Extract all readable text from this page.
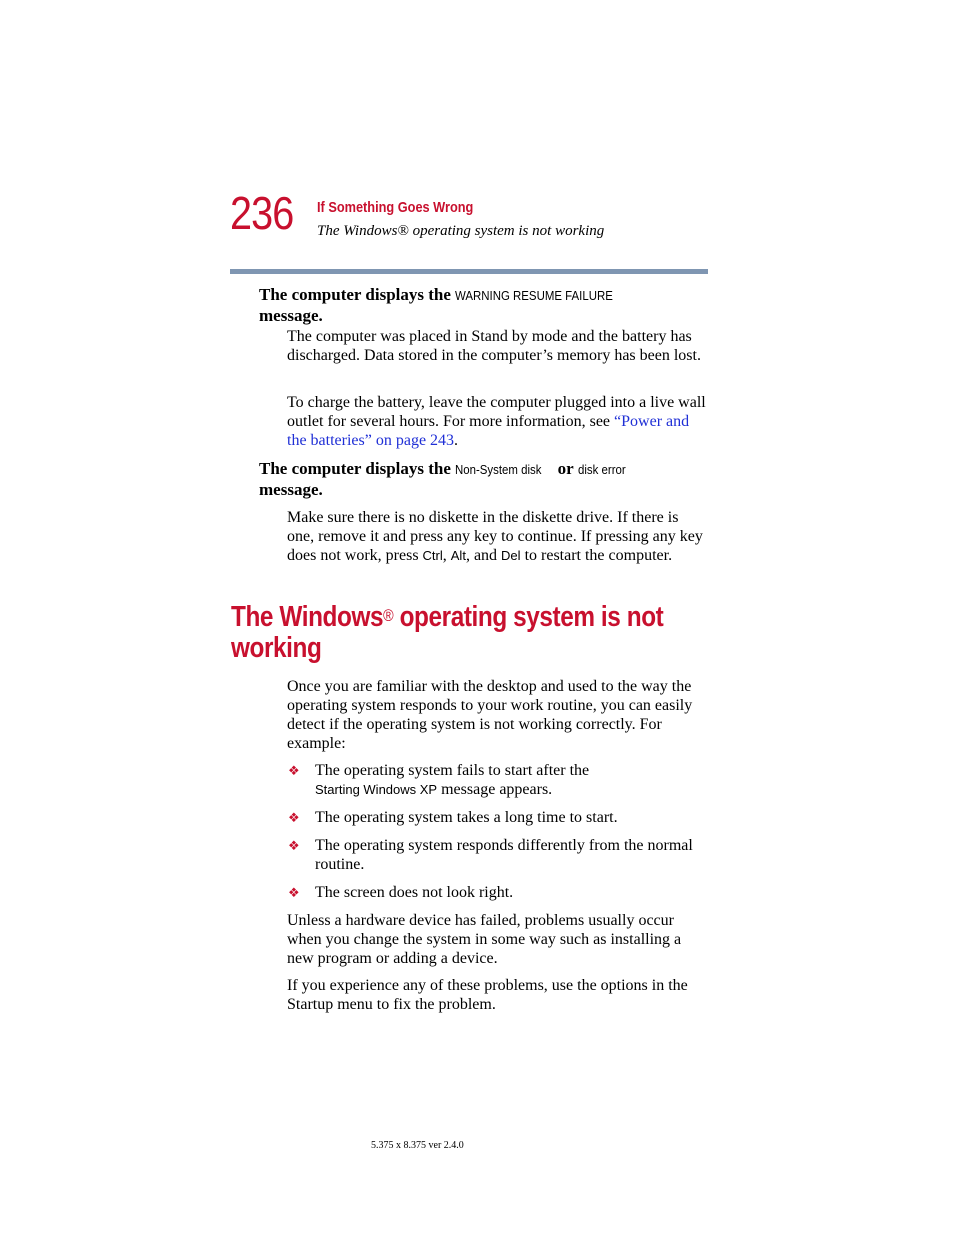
236 If Something Goes Wrong
The Windows® operating system is not working
The computer displays the WARNING RESUME FAILURE
message.
The computer was placed in Stand by mode and the battery has discharged. Data stored in the computer’s memory has been lost.
To charge the battery, leave the computer plugged into a live wall outlet for several hours. For more information, see “Power and the batteries” on page 243.
The computer displays the Non-System disk or disk error
message.
Make sure there is no diskette in the diskette drive. If there is one, remove it and press any key to continue. If pressing any key does not work, press Ctrl, Alt, and Del to restart the computer.
The Windows® operating system is not working
Once you are familiar with the desktop and used to the way the operating system responds to your work routine, you can easily detect if the operating system is not working correctly. For example:
❖ The operating system fails to start after the Starting Windows XP message appears.
❖ The operating system takes a long time to start.
❖ The operating system responds differently from the normal routine.
❖ The screen does not look right.
Unless a hardware device has failed, problems usually occur when you change the system in some way such as installing a new program or adding a device.
If you experience any of these problems, use the options in the Startup menu to fix the problem.
5.375 x 8.375 ver 2.4.0
